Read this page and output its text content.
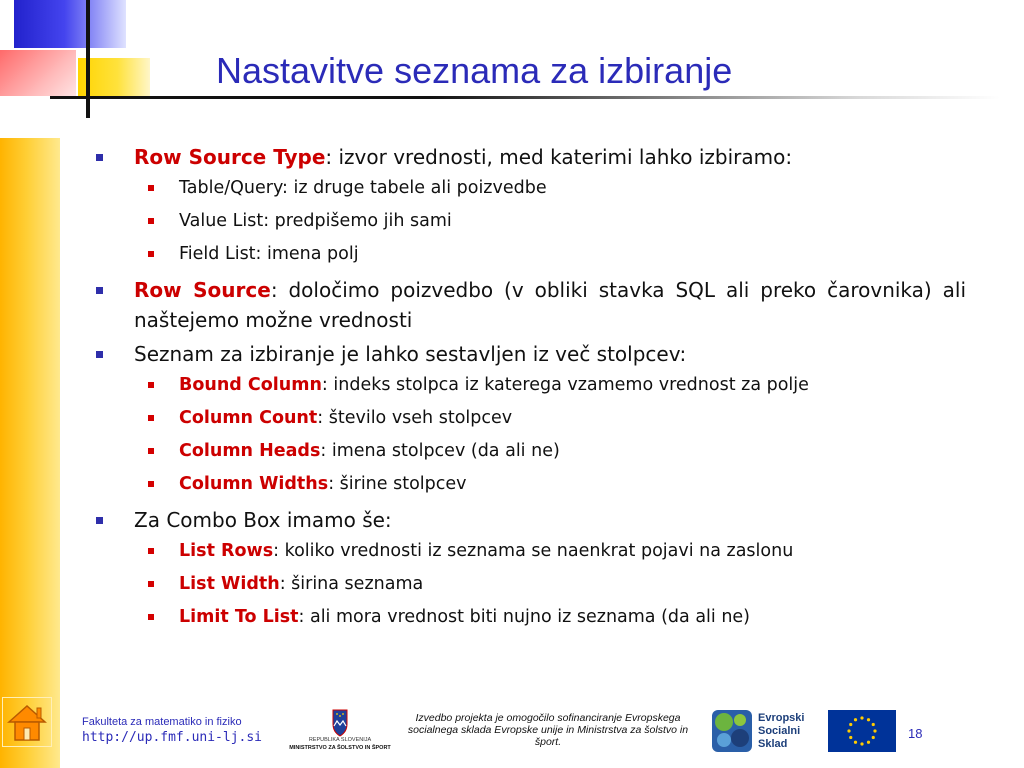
Nastavitve seznama za izbiranje
Row Source Type: izvor vrednosti, med katerimi lahko izbiramo:
Table/Query: iz druge tabele ali poizvedbe
Value List: predpišemo jih sami
Field List: imena polj
Row Source: določimo poizvedbo (v obliki stavka SQL ali preko čarovnika) ali naštejemo možne vrednosti
Seznam za izbiranje je lahko sestavljen iz več stolpcev:
Bound Column: indeks stolpca iz katerega vzamemo vrednost za polje
Column Count: število vseh stolpcev
Column Heads: imena stolpcev (da ali ne)
Column Widths: širine stolpcev
Za Combo Box imamo še:
List Rows: koliko vrednosti iz seznama se naenkrat pojavi na zaslonu
List Width: širina seznama
Limit To List: ali mora vrednost biti nujno iz seznama (da ali ne)
Fakulteta za matematiko in fiziko
http://up.fmf.uni-lj.si	REPUBLIKA SLOVENIJA
MINISTRSTVO ZA ŠOLSTVO IN ŠPORT
Izvedbo projekta je omogočilo sofinanciranje Evropskega socialnega sklada Evropske unije in Ministrstva za šolstvo in šport.
Evropski
Socialni
Sklad
18
